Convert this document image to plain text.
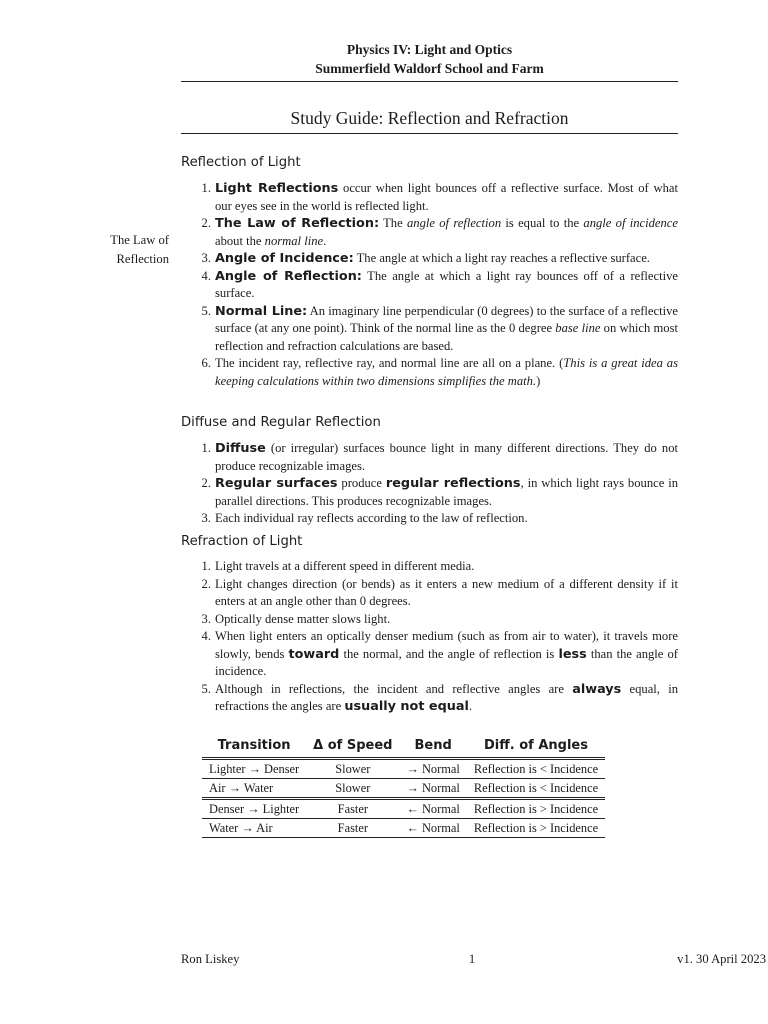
Physics IV: Light and Optics
Summerfield Waldorf School and Farm
Study Guide: Reflection and Refraction
The Law of
Reflection
Reflection of Light
1. Light Reflections occur when light bounces off a reflective surface. Most of what our eyes see in the world is reflected light.
2. The Law of Reflection: The angle of reflection is equal to the angle of incidence about the normal line.
3. Angle of Incidence: The angle at which a light ray reaches a reflective surface.
4. Angle of Reflection: The angle at which a light ray bounces off of a reflective surface.
5. Normal Line: An imaginary line perpendicular (0 degrees) to the surface of a reflective surface (at any one point). Think of the normal line as the 0 degree base line on which most reflection and refraction calculations are based.
6. The incident ray, reflective ray, and normal line are all on a plane. (This is a great idea as keeping calculations within two dimensions simplifies the math.)
Diffuse and Regular Reflection
1. Diffuse (or irregular) surfaces bounce light in many different directions. They do not produce recognizable images.
2. Regular surfaces produce regular reflections, in which light rays bounce in parallel directions. This produces recognizable images.
3. Each individual ray reflects according to the law of reflection.
Refraction of Light
1. Light travels at a different speed in different media.
2. Light changes direction (or bends) as it enters a new medium of a different density if it enters at an angle other than 0 degrees.
3. Optically dense matter slows light.
4. When light enters an optically denser medium (such as from air to water), it travels more slowly, bends toward the normal, and the angle of reflection is less than the angle of incidence.
5. Although in reflections, the incident and reflective angles are always equal, in refractions the angles are usually not equal.
Transition	Δ of Speed	Bend	Diff. of Angles
Lighter → Denser	Slower	→ Normal	Reflection is < Incidence
Air → Water	Slower	→ Normal	Reflection is < Incidence
Denser → Lighter	Faster	← Normal	Reflection is > Incidence
Water → Air	Faster	← Normal	Reflection is > Incidence
Ron Liskey	1	v1. 30 April 2023
